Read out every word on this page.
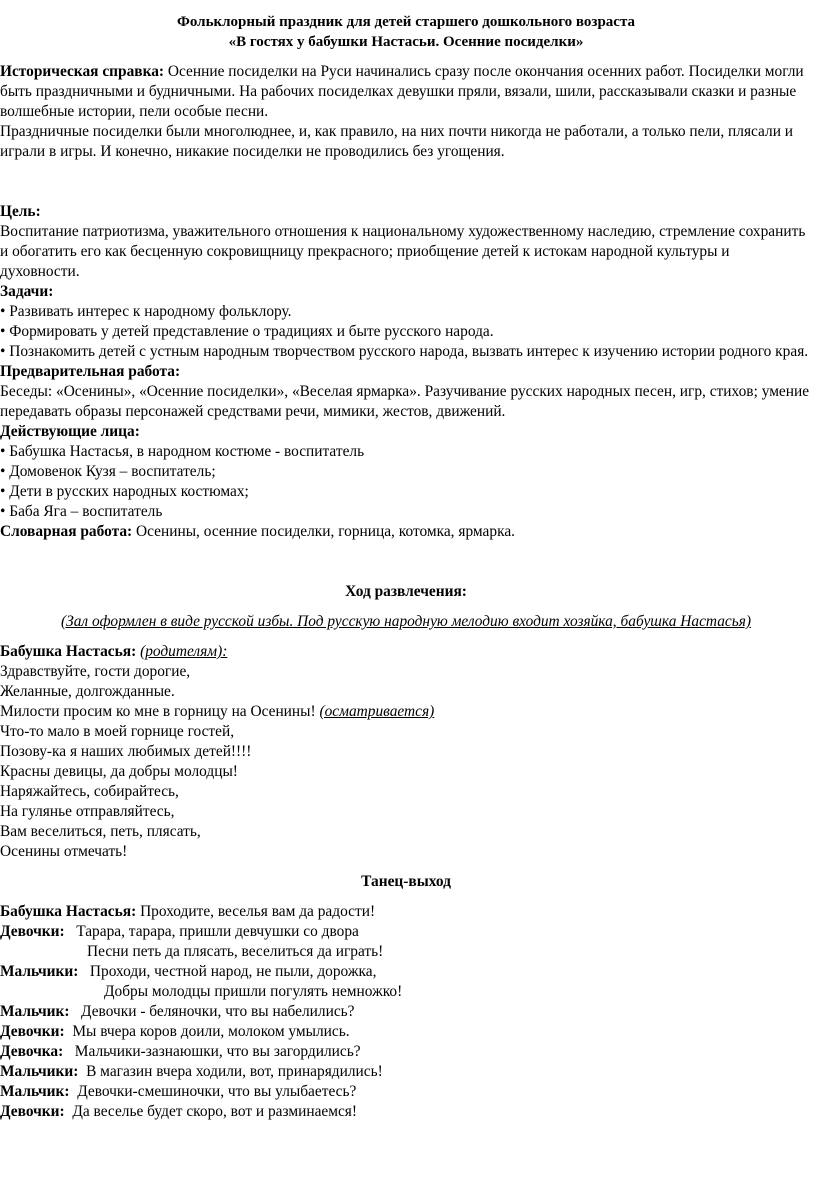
Фольклорный праздник для детей старшего дошкольного возраста

«В гостях у бабушки Настасьи. Осенние посиделки»

Историческая справка: Осенние посиделки на Руси начинались сразу после окончания осенних работ. Посиделки могли быть праздничными и будничными. На рабочих посиделках девушки пряли, вязали, шили, рассказывали сказки и разные волшебные истории, пели особые песни.

Праздничные посиделки были многолюднее, и, как правило, на них почти никогда не работали, а только пели, плясали и играли в игры. И конечно, никакие посиделки не проводились без угощения.

Цель:

Воспитание патриотизма, уважительного отношения к национальному художественному наследию, стремление сохранить и обогатить его как бесценную сокровищницу прекрасного; приобщение детей к истокам народной культуры и духовности.

Задачи:

• Развивать интерес к народному фольклору.

• Формировать у детей представление о традициях и быте русского народа.

• Познакомить детей с устным народным творчеством русского народа, вызвать интерес к изучению истории родного края.

Предварительная работа:

Беседы: «Осенины», «Осенние посиделки», «Веселая ярмарка». Разучивание русских народных песен, игр, стихов; умение передавать образы персонажей средствами речи, мимики, жестов, движений.

Действующие лица:

• Бабушка Настасья, в народном костюме - воспитатель

• Домовенок Кузя – воспитатель;

• Дети в русских народных костюмах;

• Баба Яга – воспитатель

Словарная работа: Осенины, осенние посиделки, горница, котомка, ярмарка.

Ход развлечения:

(Зал оформлен в виде русской избы. Под русскую народную мелодию входит хозяйка, бабушка Настасья)

Бабушка Настасья: (родителям):

Здравствуйте, гости дорогие,

Желанные, долгожданные.

Милости просим ко мне в горницу на Осенины! (осматривается)

Что-то мало в моей горнице гостей,

Позову-ка я наших любимых детей!!!!

Красны девицы, да добры молодцы!

Наряжайтесь, собирайтесь,

На гулянье отправляйтесь,

Вам веселиться, петь, плясать,

Осенины отмечать!

Танец-выход

Бабушка Настасья: Проходите, веселья вам да радости!

Девочки:   Тарара, тарара, пришли девчушки со двора

Песни петь да плясать, веселиться да играть!

Мальчики:   Проходи, честной народ, не пыли, дорожка,

Добры молодцы пришли погулять немножко!

Мальчик:   Девочки - беляночки, что вы набелились?

Девочки:  Мы вчера коров доили, молоком умылись.

Девочка:   Мальчики-зазнаюшки, что вы загордились?

Мальчики:  В магазин вчера ходили, вот, принарядились!

Мальчик:  Девочки-смешиночки, что вы улыбаетесь?

Девочки:  Да веселье будет скоро, вот и разминаемся!
